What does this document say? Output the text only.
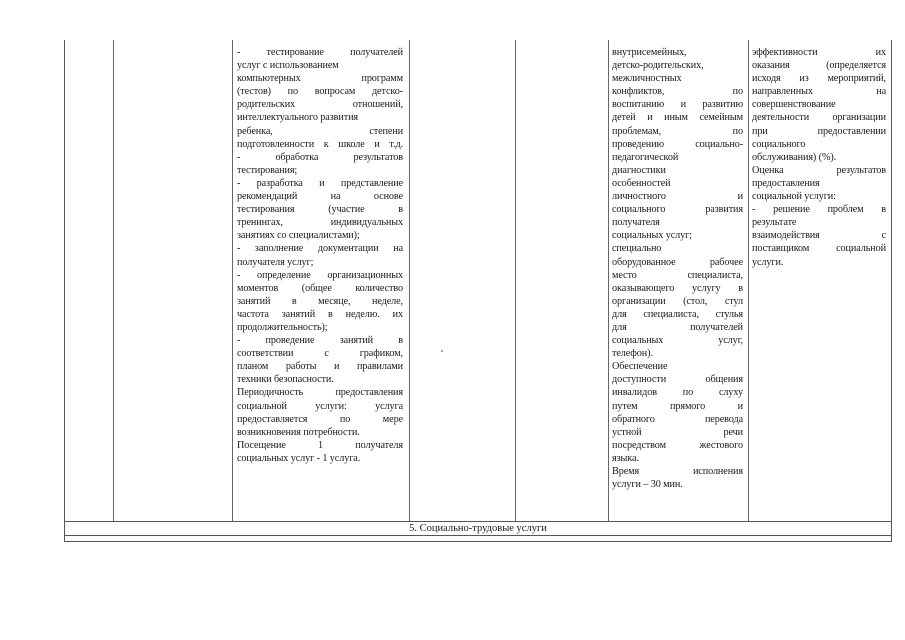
- тестирование получателей
услуг с использованием
компьютерных программ
(тестов) по вопросам детско-
родительских отношений,
интеллектуального развития
ребенка, степени
подготовленности к школе и т.д.
- обработка результатов
тестирования;
- разработка и представление
рекомендаций на основе
тестирования (участие в
тренингах, индивидуальных
занятиях со специалистами);
- заполнение документации на
получателя услуг;
- определение организационных
моментов (общее количество
занятий в месяце, неделе,
частота занятий в неделю. их
продолжительность);
- проведение занятий в
соответствии с графиком,
планом работы и правилами
техники безопасности.
Периодичность предоставления
социальной услуги: услуга
предоставляется по мере
возникновения потребности.
Посещение 1 получателя
социальных услуг - 1 услуга.
внутрисемейных,
детско-родительских,
межличностных
конфликтов, по
воспитанию и развитию
детей и иным семейным
проблемам, по
проведению социально-
педагогической
диагностики
особенностей
личностного и
социального развития
получателя
социальных услуг;
специально
оборудованное рабочее
место специалиста,
оказывающего услугу в
организации (стол, стул
для специалиста, стулья
для получателей
социальных услуг,
телефон).
Обеспечение
доступности общения
инвалидов по слуху
путем прямого и
обратного перевода
устной речи
посредством жестового
языка.
Время исполнения
услуги – 30 мин.
эффективности их
оказания (определяется
исходя из мероприятий,
направленных на
совершенствование
деятельности организации
при предоставлении
социального
обслуживания) (%).
Оценка результатов
предоставления
социальной услуги:
- решение проблем в
результате
взаимодействия с
поставщиком социальной
услуги.
5. Социально-трудовые услуги
